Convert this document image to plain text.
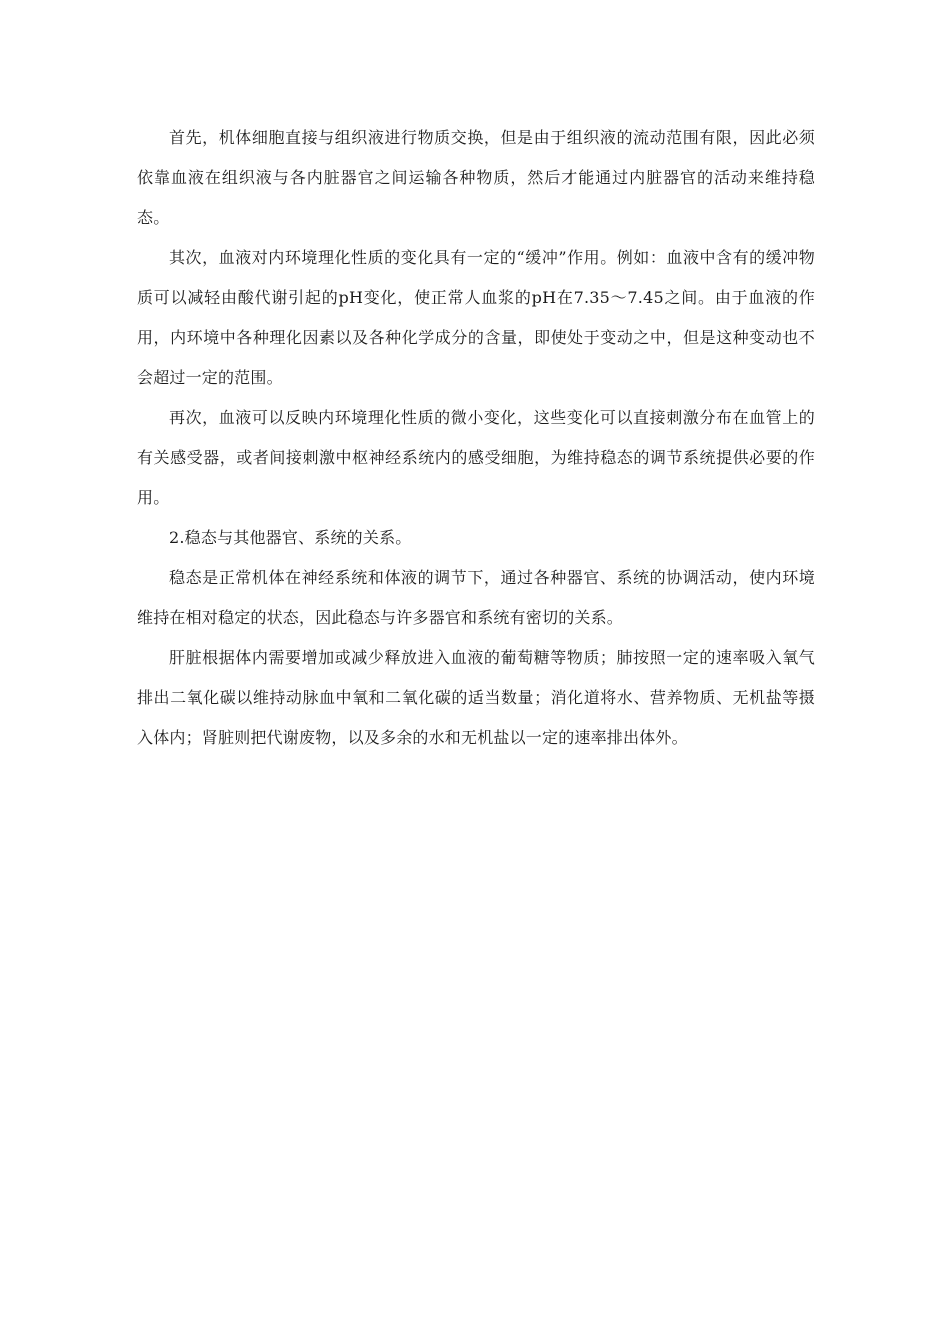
首先，机体细胞直接与组织液进行物质交换，但是由于组织液的流动范围有限，因此必须依靠血液在组织液与各内脏器官之间运输各种物质，然后才能通过内脏器官的活动来维持稳态。

其次，血液对内环境理化性质的变化具有一定的“缓冲”作用。例如：血液中含有的缓冲物质可以减轻由酸代谢引起的pH变化，使正常人血浆的pH在7.35～7.45之间。由于血液的作用，内环境中各种理化因素以及各种化学成分的含量，即使处于变动之中，但是这种变动也不会超过一定的范围。

再次，血液可以反映内环境理化性质的微小变化，这些变化可以直接刺激分布在血管上的有关感受器，或者间接刺激中枢神经系统内的感受细胞，为维持稳态的调节系统提供必要的作用。

2.稳态与其他器官、系统的关系。

稳态是正常机体在神经系统和体液的调节下，通过各种器官、系统的协调活动，使内环境维持在相对稳定的状态，因此稳态与许多器官和系统有密切的关系。

肝脏根据体内需要增加或减少释放进入血液的葡萄糖等物质；肺按照一定的速率吸入氧气排出二氧化碳以维持动脉血中氧和二氧化碳的适当数量；消化道将水、营养物质、无机盐等摄入体内；肾脏则把代谢废物，以及多余的水和无机盐以一定的速率排出体外。
